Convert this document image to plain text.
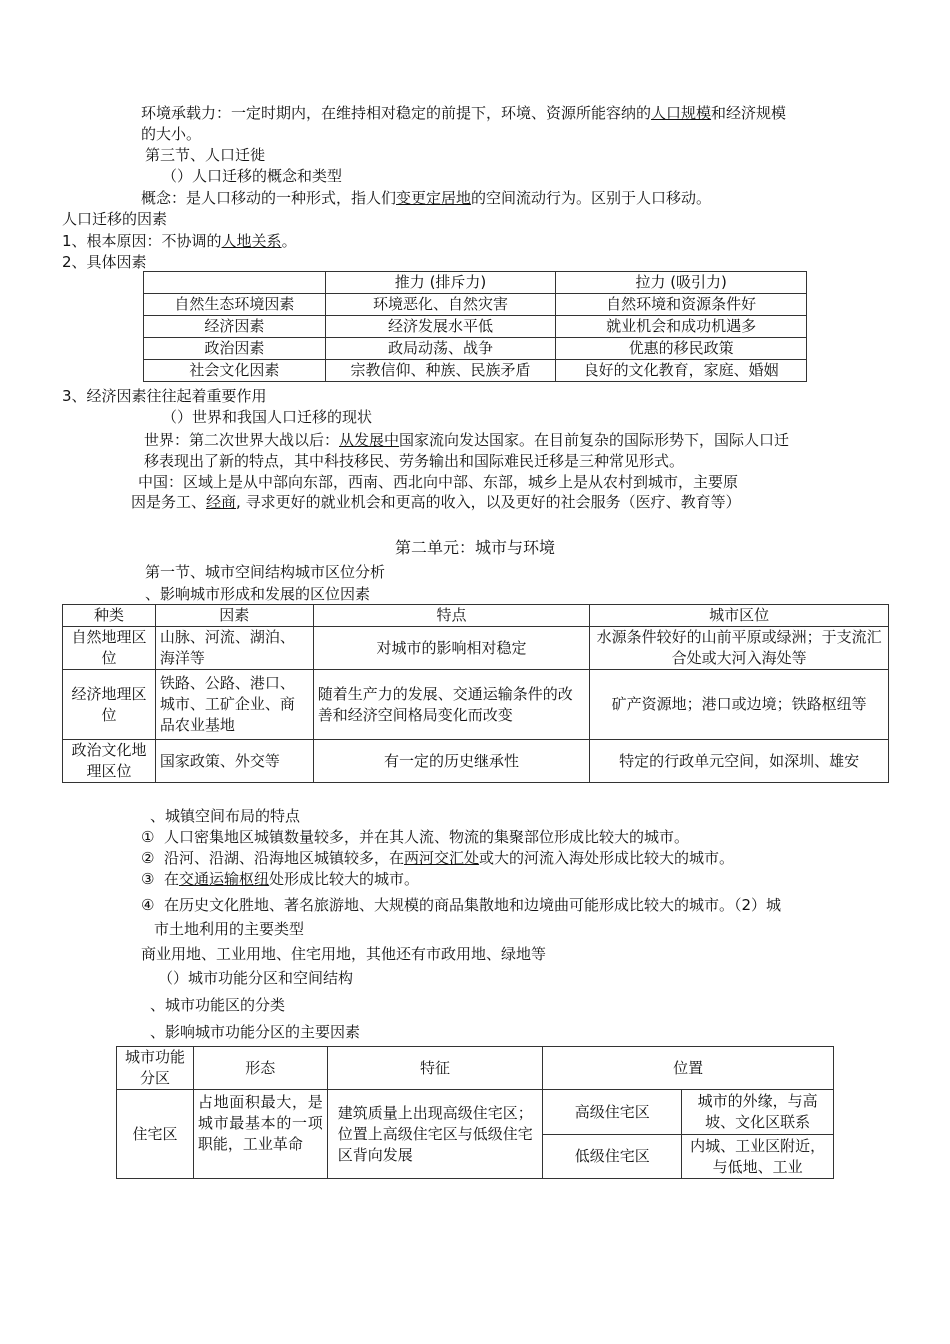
环境承载力：一定时期内，在维持相对稳定的前提下，环境、资源所能容纳的人口规模和经济规模
的大小。
第三节、人口迁徙
（）人口迁移的概念和类型
概念：是人口移动的一种形式，指人们变更定居地的空间流动行为。区别于人口移动。
人口迁移的因素
1、根本原因：不协调的人地关系。
2、具体因素
	推力 (排斥力)	拉力 (吸引力)
自然生态环境因素	环境恶化、自然灾害	自然环境和资源条件好
经济因素	经济发展水平低	就业机会和成功机遇多
政治因素	政局动荡、战争	优惠的移民政策
社会文化因素	宗教信仰、种族、民族矛盾	良好的文化教育，家庭、婚姻
3、经济因素往往起着重要作用
（）世界和我国人口迁移的现状
世界：第二次世界大战以后：从发展中国家流向发达国家。在目前复杂的国际形势下，国际人口迁
移表现出了新的特点，其中科技移民、劳务输出和国际难民迁移是三种常见形式。
中国：区域上是从中部向东部，西南、西北向中部、东部，城乡上是从农村到城市，主要原
因是务工、经商, 寻求更好的就业机会和更高的收入，以及更好的社会服务（医疗、教育等）
第二单元：城市与环境
第一节、城市空间结构城市区位分析
、影响城市形成和发展的区位因素
种类	因素	特点	城市区位
自然地理区位	山脉、河流、湖泊、海洋等	对城市的影响相对稳定	水源条件较好的山前平原或绿洲；于支流汇合处或大河入海处等
经济地理区位	铁路、公路、港口、城市、工矿企业、商品农业基地	随着生产力的发展、交通运输条件的改善和经济空间格局变化而改变	矿产资源地；港口或边境；铁路枢纽等
政治文化地理区位	国家政策、外交等	有一定的历史继承性	特定的行政单元空间，如深圳、雄安
、城镇空间布局的特点
① 人口密集地区城镇数量较多，并在其人流、物流的集聚部位形成比较大的城市。
② 沿河、沿湖、沿海地区城镇较多，在两河交汇处或大的河流入海处形成比较大的城市。
③ 在交通运输枢纽处形成比较大的城市。
④ 在历史文化胜地、著名旅游地、大规模的商品集散地和边境曲可能形成比较大的城市。（2）城
市土地利用的主要类型
商业用地、工业用地、住宅用地，其他还有市政用地、绿地等
（）城市功能分区和空间结构
、城市功能区的分类
、影响城市功能分区的主要因素
城市功能分区	形态	特征	位置	
住宅区	占地面积最大，是城市最基本的一项职能，工业革命	建筑质量上出现高级住宅区；位置上高级住宅区与低级住宅区背向发展	高级住宅区	城市的外缘，与高坡、文化区联系
			低级住宅区	内城、工业区附近，与低地、工业
